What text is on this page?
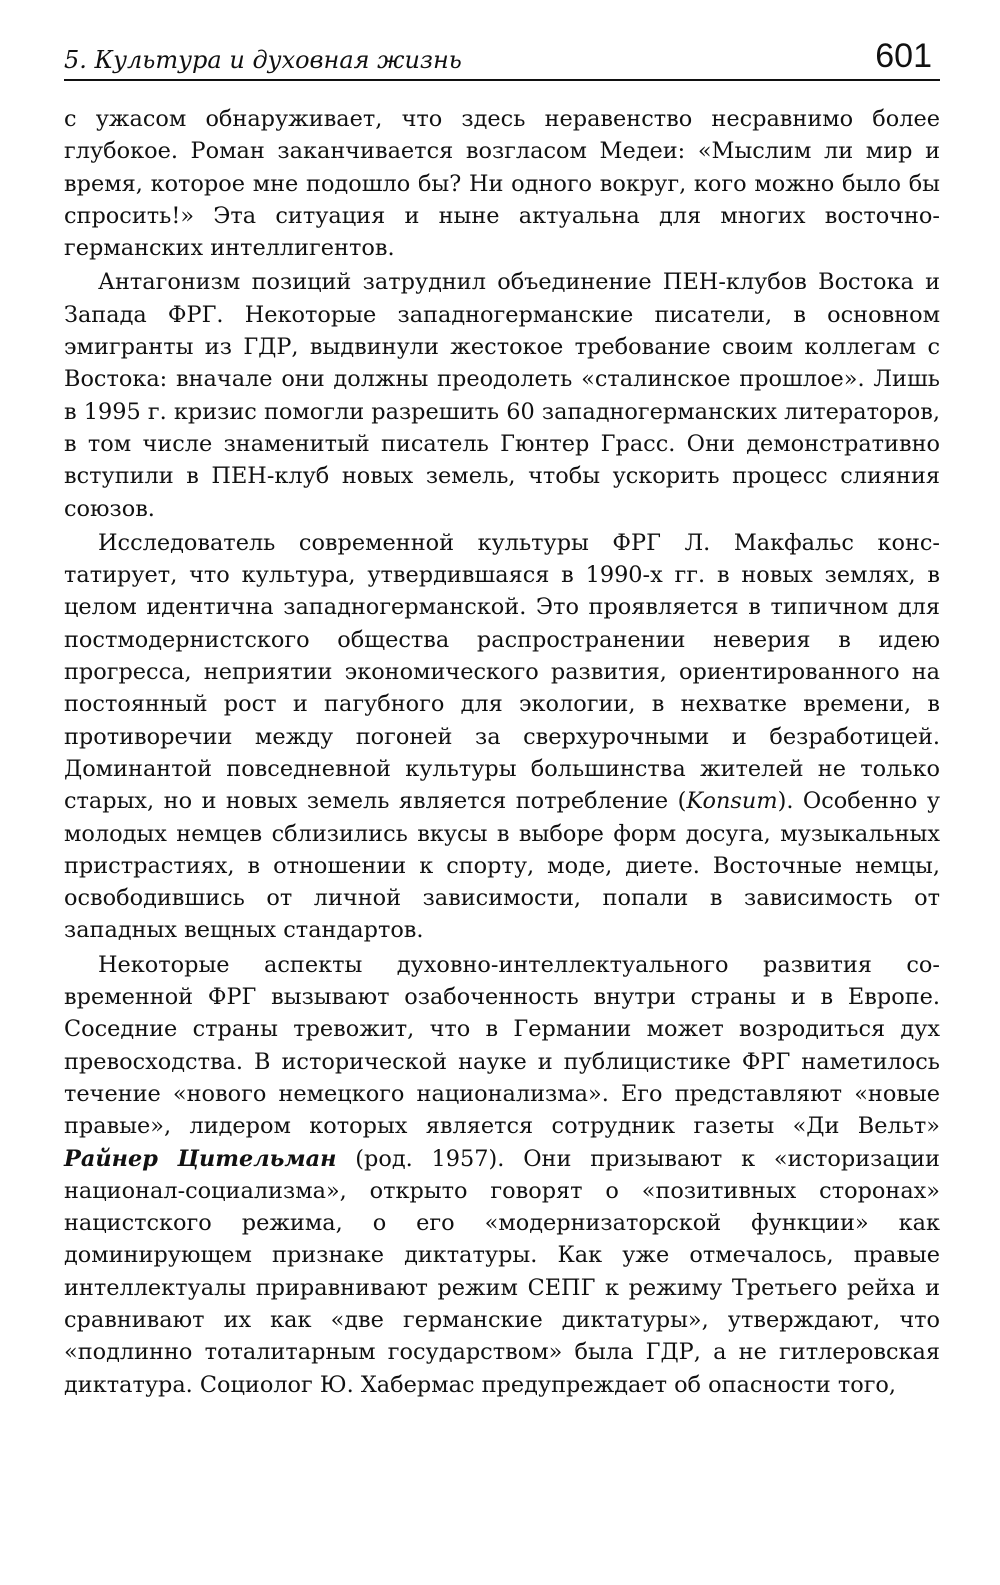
5. Культура и духовная жизнь	601

с ужасом обнаруживает, что здесь неравенство несравнимо более глубокое. Роман заканчивается возгласом Медеи: «Мыслим ли мир и время, которое мне подошло бы? Ни одного вокруг, кого можно было бы спросить!» Эта ситуация и ныне актуальна для многих восточногерманских интеллигентов.

Антагонизм позиций затруднил объединение ПЕН-клубов Востока и Запада ФРГ. Некоторые западногерманские писатели, в основном эмигранты из ГДР, выдвинули жестокое требование своим коллегам с Востока: вначале они должны преодолеть «сталинское прошлое». Лишь в 1995 г. кризис помогли разрешить 60 западногерманских литераторов, в том числе знаменитый писатель Гюнтер Грасс. Они демонстративно вступили в ПЕН-клуб новых земель, чтобы ускорить процесс слияния союзов.

Исследователь современной культуры ФРГ Л. Макфальс констатирует, что культура, утвердившаяся в 1990-х гг. в новых землях, в целом идентична западногерманской. Это проявляется в типичном для постмодернистского общества распространении неверия в идею прогресса, неприятии экономического развития, ориентированного на постоянный рост и пагубного для экологии, в нехватке времени, в противоречии между погоней за сверхурочными и безработицей. Доминантой повседневной культуры большинства жителей не только старых, но и новых земель является потребление (Konsum). Особенно у молодых немцев сблизились вкусы в выборе форм досуга, музыкальных пристрастиях, в отношении к спорту, моде, диете. Восточные немцы, освободившись от личной зависимости, попали в зависимость от западных вещных стандартов.

Некоторые аспекты духовно-интеллектуального развития современной ФРГ вызывают озабоченность внутри страны и в Европе. Соседние страны тревожит, что в Германии может возродиться дух превосходства. В исторической науке и публицистике ФРГ наметилось течение «нового немецкого национализма». Его представляют «новые правые», лидером которых является сотрудник газеты «Ди Вельт» Райнер Цительман (род. 1957). Они призывают к «историзации национал-социализма», открыто говорят о «позитивных сторонах» нацистского режима, о его «модернизаторской функции» как доминирующем признаке диктатуры. Как уже отмечалось, правые интеллектуалы приравнивают режим СЕПГ к режиму Третьего рейха и сравнивают их как «две германские диктатуры», утверждают, что «подлинно тоталитарным государством» была ГДР, а не гитлеровская диктатура. Социолог Ю. Хабермас предупреждает об опасности того,
